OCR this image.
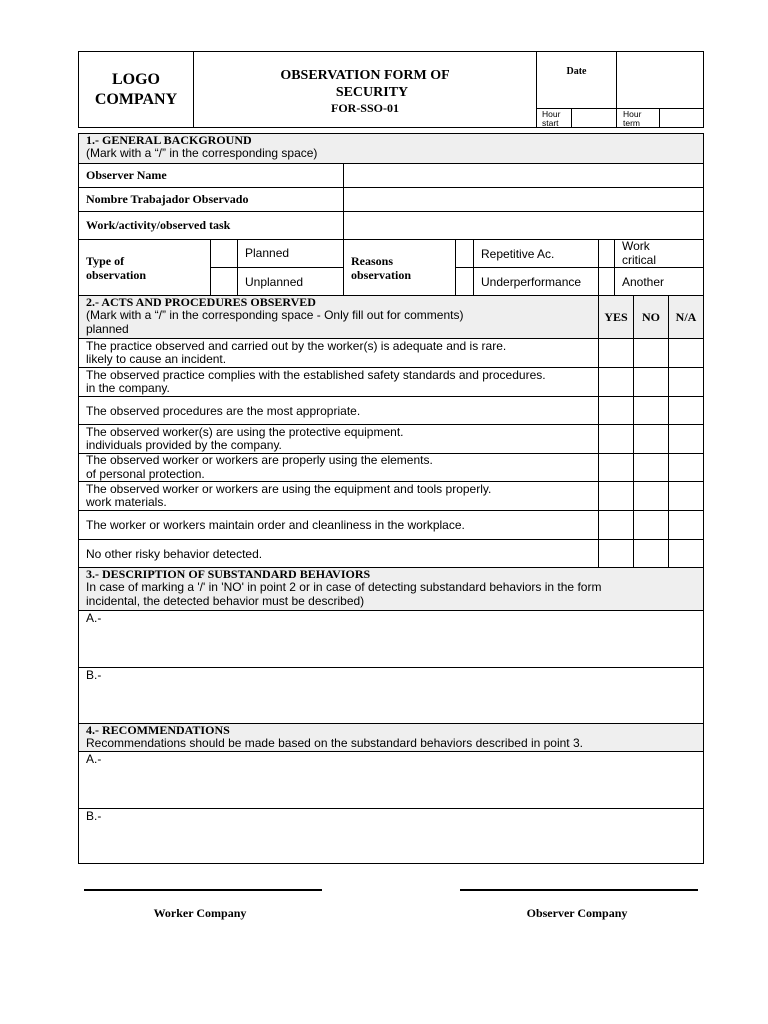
LOGO
COMPANY
OBSERVATION FORM OF
SECURITY
FOR-SSO-01
Date
Hour
start
Hour
term
1.- GENERAL BACKGROUND
(Mark with a “/” in the corresponding space)
Observer Name
Nombre Trabajador Observado
Work/activity/observed task
Type of
observation
Planned
Unplanned
Reasons
observation
Repetitive Ac.
Underperformance
Work
critical
Another
2.- ACTS AND PROCEDURES OBSERVED
(Mark with a “/” in the corresponding space - Only fill out for comments)
planned
YES NO N/A
The practice observed and carried out by the worker(s) is adequate and is rare.
likely to cause an incident.
The observed practice complies with the established safety standards and procedures.
in the company.
The observed procedures are the most appropriate.
The observed worker(s) are using the protective equipment.
individuals provided by the company.
The observed worker or workers are properly using the elements.
of personal protection.
The observed worker or workers are using the equipment and tools properly.
work materials.
The worker or workers maintain order and cleanliness in the workplace.
No other risky behavior detected.
3.- DESCRIPTION OF SUBSTANDARD BEHAVIORS
In case of marking a '/' in 'NO' in point 2 or in case of detecting substandard behaviors in the form
incidental, the detected behavior must be described)
A.-
B.-
4.- RECOMMENDATIONS
Recommendations should be made based on the substandard behaviors described in point 3.
A.-
B.-
Worker Company	Observer Company
